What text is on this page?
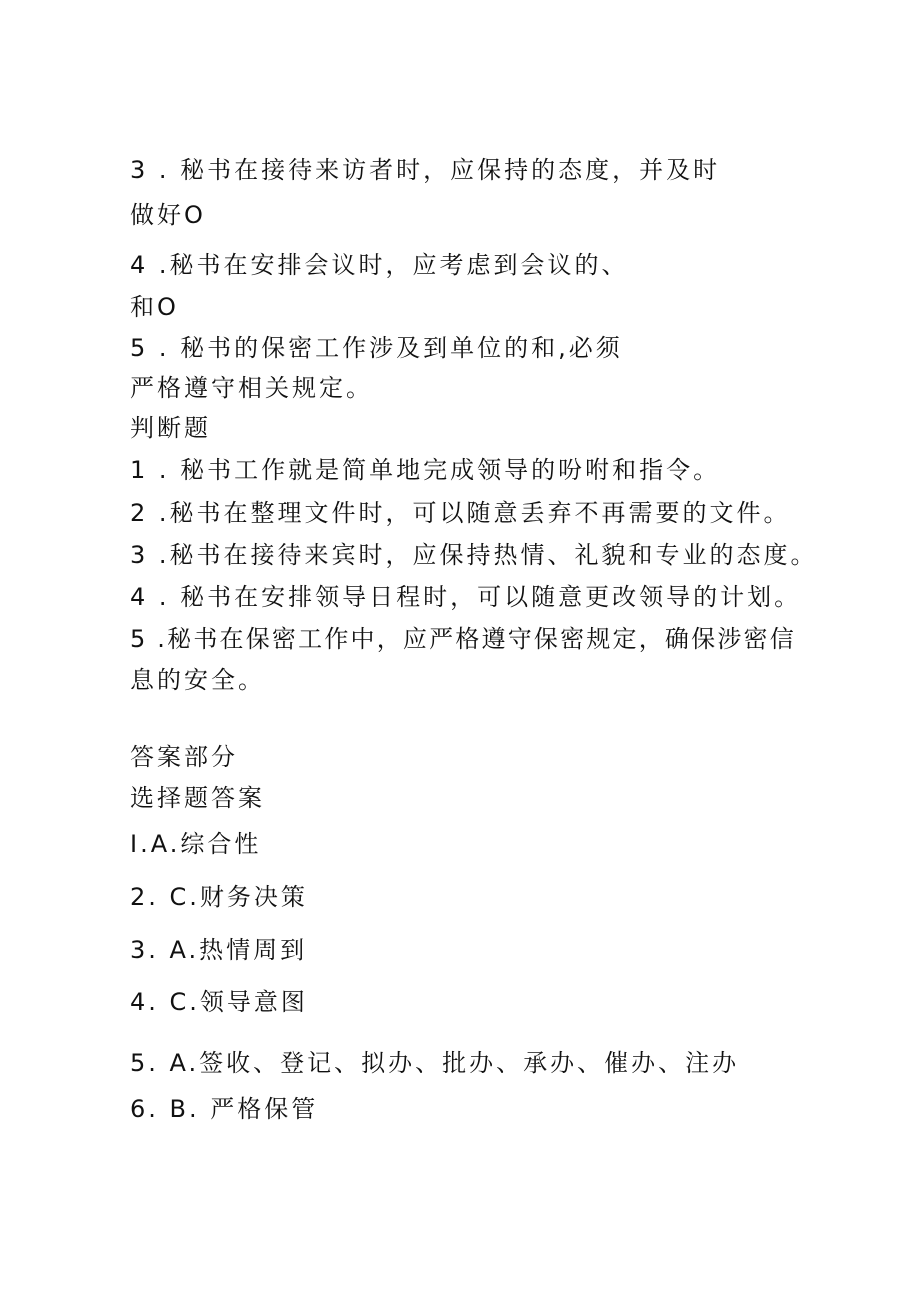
3 . 秘书在接待来访者时，应保持的态度，并及时
做好O
4 .秘书在安排会议时，应考虑到会议的、
和O
5 . 秘书的保密工作涉及到单位的和,必须
严格遵守相关规定。
判断题
1 . 秘书工作就是简单地完成领导的吩咐和指令。
2 .秘书在整理文件时，可以随意丢弃不再需要的文件。
3 .秘书在接待来宾时，应保持热情、礼貌和专业的态度。
4 . 秘书在安排领导日程时，可以随意更改领导的计划。
5 .秘书在保密工作中，应严格遵守保密规定，确保涉密信
息的安全。
答案部分
选择题答案
I.A.综合性
2. C.财务决策
3. A.热情周到
4. C.领导意图
5. A.签收、登记、拟办、批办、承办、催办、注办
6. B. 严格保管
